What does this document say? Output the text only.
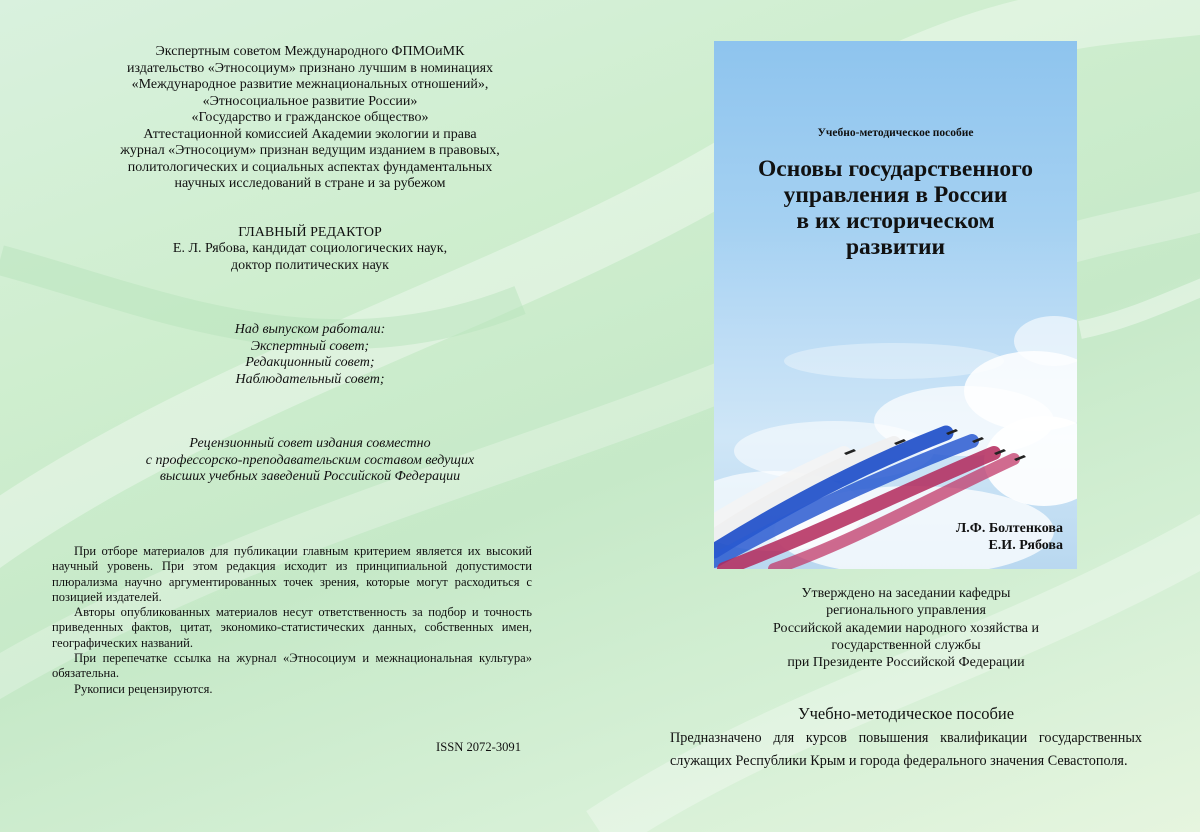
Экспертным советом Международного ФПМОиМК
издательство «Этносоциум» признано лучшим в номинациях
«Международное развитие межнациональных отношений»,
«Этносоциальное развитие России»
«Государство и гражданское общество»
Аттестационной комиссией Академии экологии и права
журнал «Этносоциум» признан ведущим изданием в правовых,
политологических и социальных аспектах фундаментальных
научных исследований в стране и за рубежом
ГЛАВНЫЙ РЕДАКТОР
Е. Л. Рябова, кандидат социологических наук,
доктор политических наук
Над выпуском работали:
Экспертный совет;
Редакционный совет;
Наблюдательный совет;
Рецензионный совет издания совместно
с профессорско-преподавательским составом ведущих
высших учебных заведений Российской Федерации

При отборе материалов для публикации главным критерием является их высокий научный уровень. При этом редакция исходит из принципиальной допустимости плюрализма научно аргументированных точек зрения, которые могут расходиться с позицией издателей.

Авторы опубликованных материалов несут ответственность за подбор и точность приведенных фактов, цитат, экономико-статистических данных, собственных имен, географических названий.

При перепечатке ссылка на журнал «Этносоциум и межнациональная культура» обязательна.

Рукописи рецензируются.

ISSN 2072-3091
Учебно-методическое пособие
Основы государственного
управления в России
в их историческом
развитии
Л.Ф. Болтенкова
Е.И. Рябова
Утверждено на заседании кафедры
регионального управления
Российской академии народного хозяйства и
государственной службы
при Президенте Российской Федерации
Учебно-методическое пособие
Предназначено для курсов повышения квалификации государственных служащих Республики Крым и города федерального значения Севастополя.
